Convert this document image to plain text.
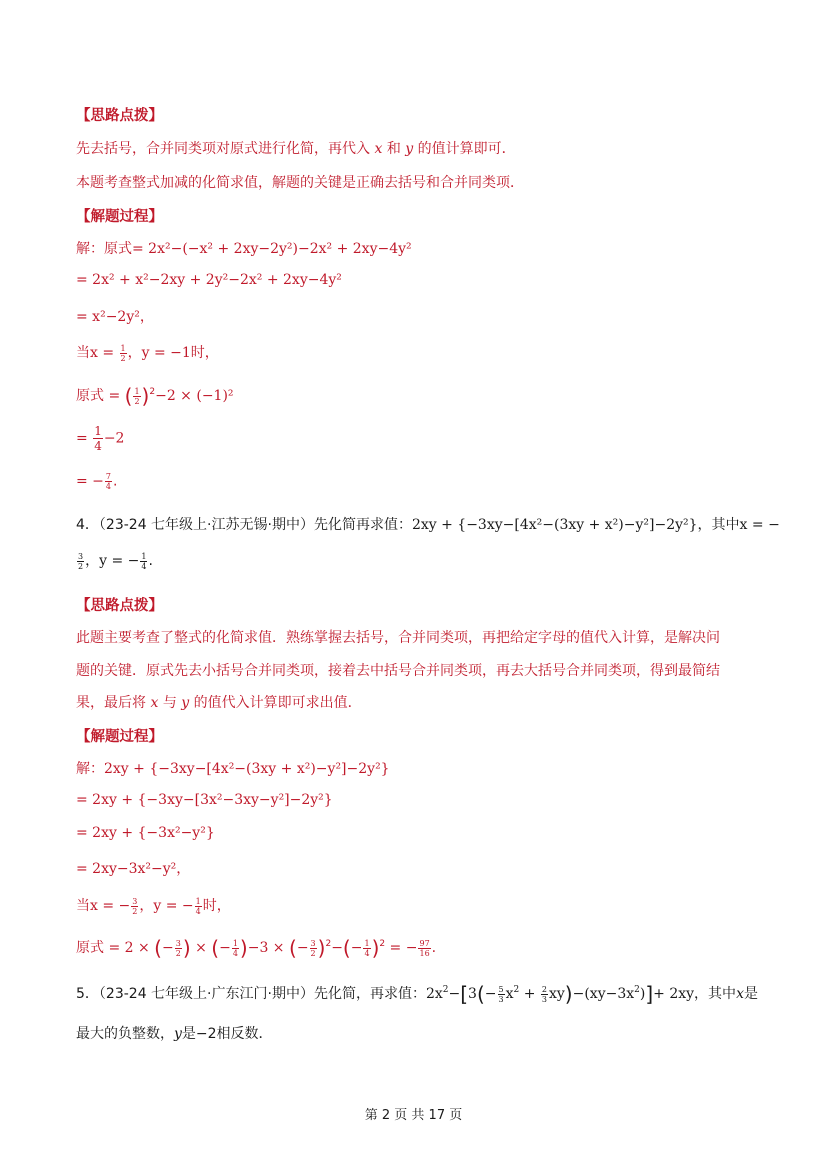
【思路点拨】
先去括号，合并同类项对原式进行化简，再代入 x 和 y 的值计算即可．
本题考查整式加减的化简求值，解题的关键是正确去括号和合并同类项．
【解题过程】
解：原式= 2x²−(−x² + 2xy−2y²)−2x² + 2xy−4y²
= 2x² + x²−2xy + 2y²−2x² + 2xy−4y²
= x²−2y²，
当$x = \frac{1}{2}$ ，y = −1时，
原式 = ( $\frac{1}{2} )^2-2 \times (-1)^2$
= $\frac{1}{4} -2$
= − $\frac{7}{4}$ .
4．（23-24 七年级上·江苏无锡·期中）先化简再求值：2xy + {−3xy−[4x²−(3xy + x²)−y²]−2y²}，其中x = −
$\frac{3}{2}$ ，y = − $\frac{1}{4}$ .
【思路点拨】
此题主要考查了整式的化简求值．熟练掌握去括号，合并同类项，再把给定字母的值代入计算，是解决问
题的关键．原式先去小括号合并同类项，接着去中括号合并同类项，再去大括号合并同类项，得到最简结
果，最后将 x 与 y 的值代入计算即可求出值．
【解题过程】
解：2xy + {−3xy−[4x²−(3xy + x²)−y²]−2y²}
= 2xy + {−3xy−[3x²−3xy−y²]−2y²}
= 2xy + {−3x²−y²}
= 2xy−3x²−y²，
当x = − $\frac{3}{2}$ ，y = − $\frac{1}{4}$ 时，
原式 = 2 × (− $\frac{3}{2}$ ) × (− $\frac{1}{4} )-3$ × (− $\frac{3}{2} )^2-(- \frac{1}{4} )^2$ = − $\frac{97}{16}$ .
5．（23-24 七年级上·广东江门·期中）先化简，再求值：$2x^2-[3(- \frac{5}{3} x^2 + \frac{2}{3} xy)-(xy-3x^2)]+ 2xy$，其中x是
最大的负整数，y是−2相反数．
第 2 页 共 17 页
